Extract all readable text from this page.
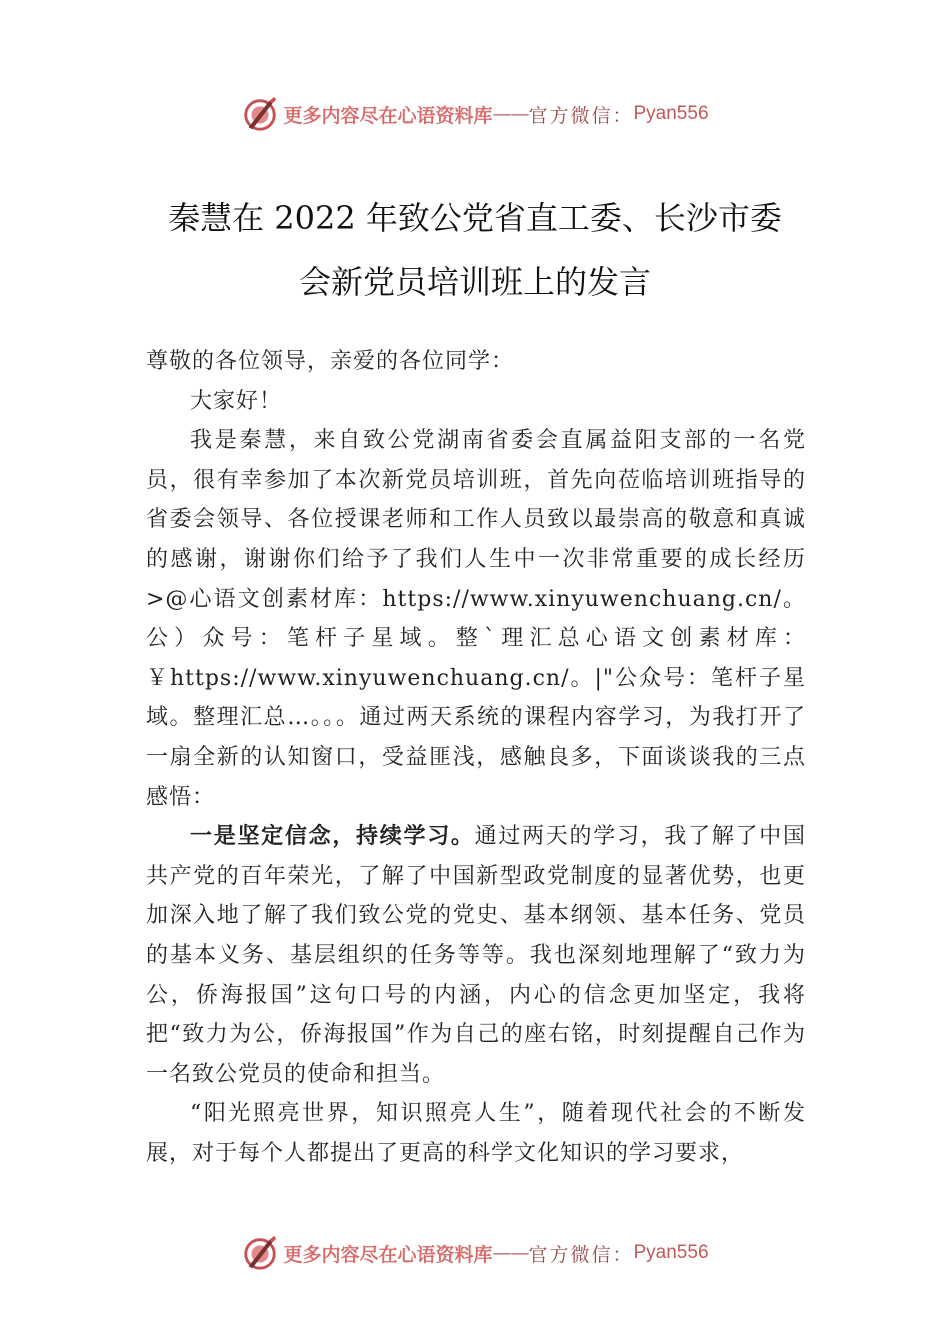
更多内容尽在心语资料库 —— 官方微信： Pyan556
秦慧在 2022 年致公党省直工委、长沙市委
会新党员培训班上的发言

尊敬的各位领导，亲爱的各位同学：

大家好！

我是秦慧，来自致公党湖南省委会直属益阳支部的一名党员，很有幸参加了本次新党员培训班，首先向莅临培训班指导的省委会领导、各位授课老师和工作人员致以最崇高的敬意和真诚的感谢，谢谢你们给予了我们人生中一次非常重要的成长经历>@心语文创素材库：https://www.xinyuwenchuang.cn/。公）众号：笔杆子星域。整`理汇总心语文创素材库：￥https://www.xinyuwenchuang.cn/。|"公众号：笔杆子星域。整理汇总…。。。通过两天系统的课程内容学习，为我打开了一扇全新的认知窗口，受益匪浅，感触良多，下面谈谈我的三点感悟：

一是坚定信念，持续学习。通过两天的学习，我了解了中国共产党的百年荣光，了解了中国新型政党制度的显著优势，也更加深入地了解了我们致公党的党史、基本纲领、基本任务、党员的基本义务、基层组织的任务等等。我也深刻地理解了“致力为公，侨海报国”这句口号的内涵，内心的信念更加坚定，我将把“致力为公，侨海报国”作为自己的座右铭，时刻提醒自己作为一名致公党员的使命和担当。

“阳光照亮世界，知识照亮人生”，随着现代社会的不断发展，对于每个人都提出了更高的科学文化知识的学习要求，

更多内容尽在心语资料库 —— 官方微信： Pyan556
